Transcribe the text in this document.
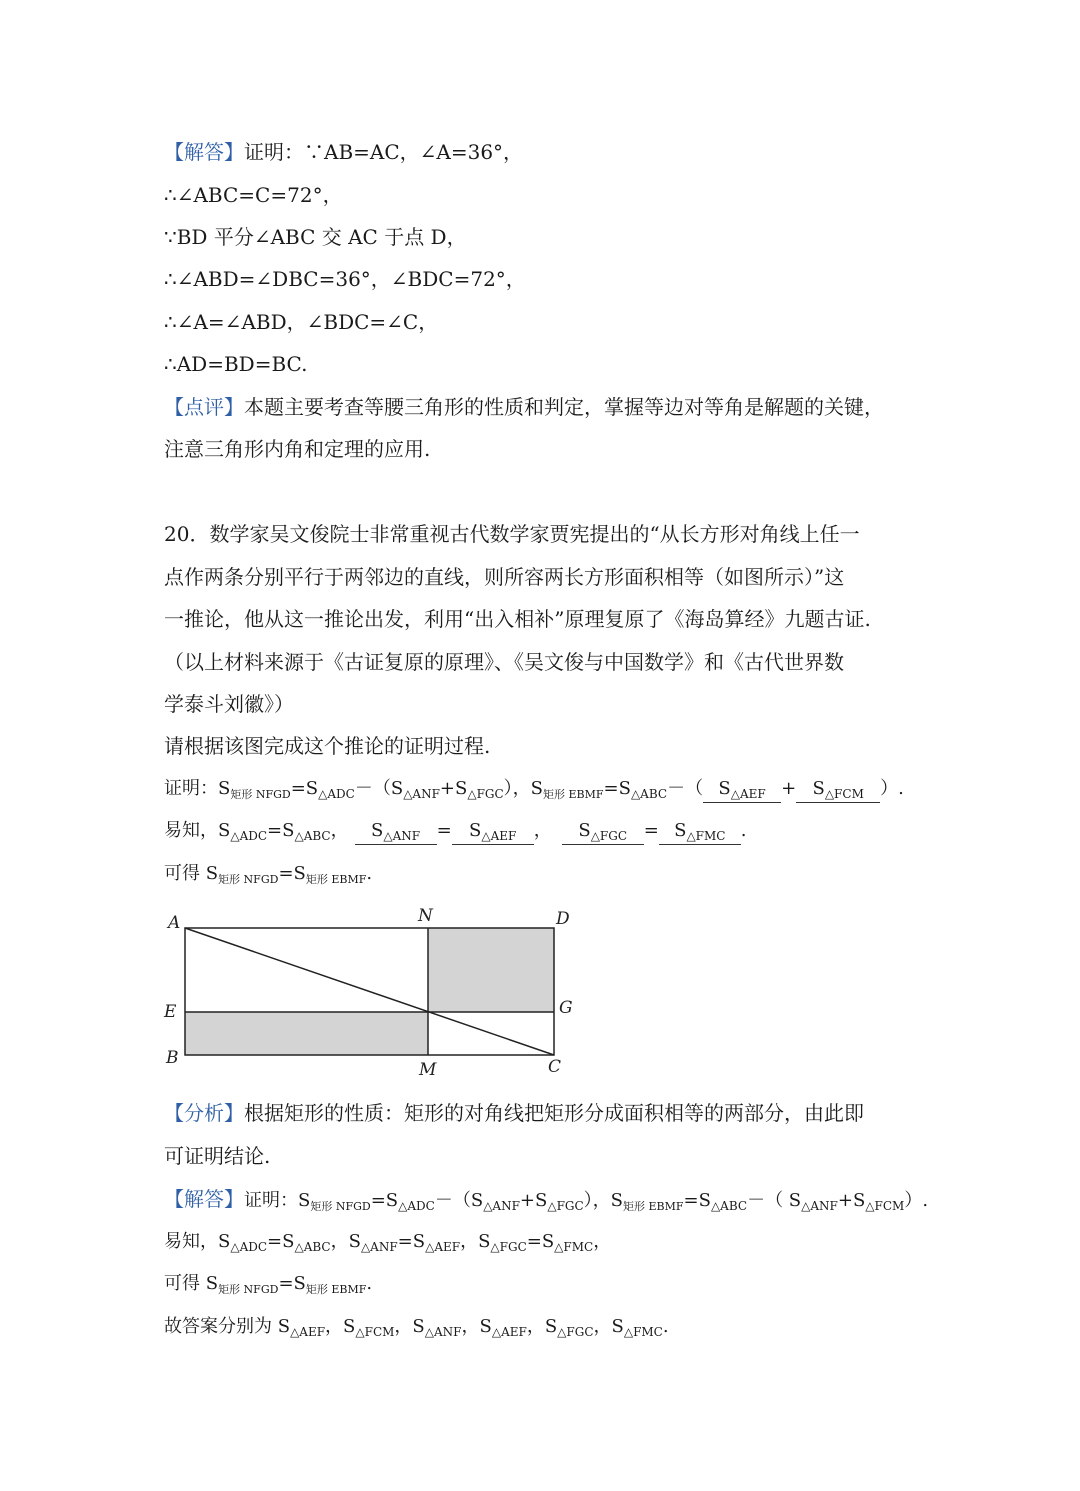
【解答】证明：∵AB=AC，∠A=36°，
∴∠ABC=C=72°，
∵BD 平分∠ABC 交 AC 于点 D，
∴∠ABD=∠DBC=36°，∠BDC=72°，
∴∠A=∠ABD，∠BDC=∠C，
∴AD=BD=BC.
【点评】本题主要考查等腰三角形的性质和判定，掌握等边对等角是解题的关键，
注意三角形内角和定理的应用.
20．数学家吴文俊院士非常重视古代数学家贾宪提出的“从长方形对角线上任一
点作两条分别平行于两邻边的直线，则所容两长方形面积相等（如图所示）”这
一推论，他从这一推论出发，利用“出入相补”原理复原了《海岛算经》九题古证.
（以上材料来源于《古证复原的原理》、《吴文俊与中国数学》和《古代世界数
学泰斗刘徽》）
请根据该图完成这个推论的证明过程.
证明：$S_{矩形 NFGD}=S_{\triangle ADC}-(S_{\triangle ANF}+S_{\triangle FGC})$，$S_{矩形 EBMF}=S_{\triangle ABC}-$（ $S_{\triangle AEF} + S_{\triangle FCM}$ ）.
易知，$S_{\triangle ADC}=S_{\triangle ABC}$， $S_{\triangle ANF} = S_{\triangle AEF}$ ， $S_{\triangle FGC} = S_{\triangle FMC}$ .
可得 $S_{矩形 NFGD}=S_{矩形 EBMF}$.
A	N	D
E	G
B
M	C
【分析】根据矩形的性质：矩形的对角线把矩形分成面积相等的两部分，由此即
可证明结论.
【解答】证明：$S_{矩形 NFGD}=S_{\triangle ADC}-(S_{\triangle ANF}+S_{\triangle FGC})$，$S_{矩形 EBMF}=S_{\triangle ABC}-$（ $S_{\triangle ANF}+S_{\triangle FCM}$）.
易知，$S_{\triangle ADC}=S_{\triangle ABC}$，$S_{\triangle ANF}=S_{\triangle AEF}$，$S_{\triangle FGC}=S_{\triangle FMC}$，
可得 $S_{矩形 NFGD}=S_{矩形 EBMF}$.
故答案分别为 $S_{\triangle AEF}$，$S_{\triangle FCM}$，$S_{\triangle ANF}$，$S_{\triangle AEF}$，$S_{\triangle FGC}$，$S_{\triangle FMC}$.
